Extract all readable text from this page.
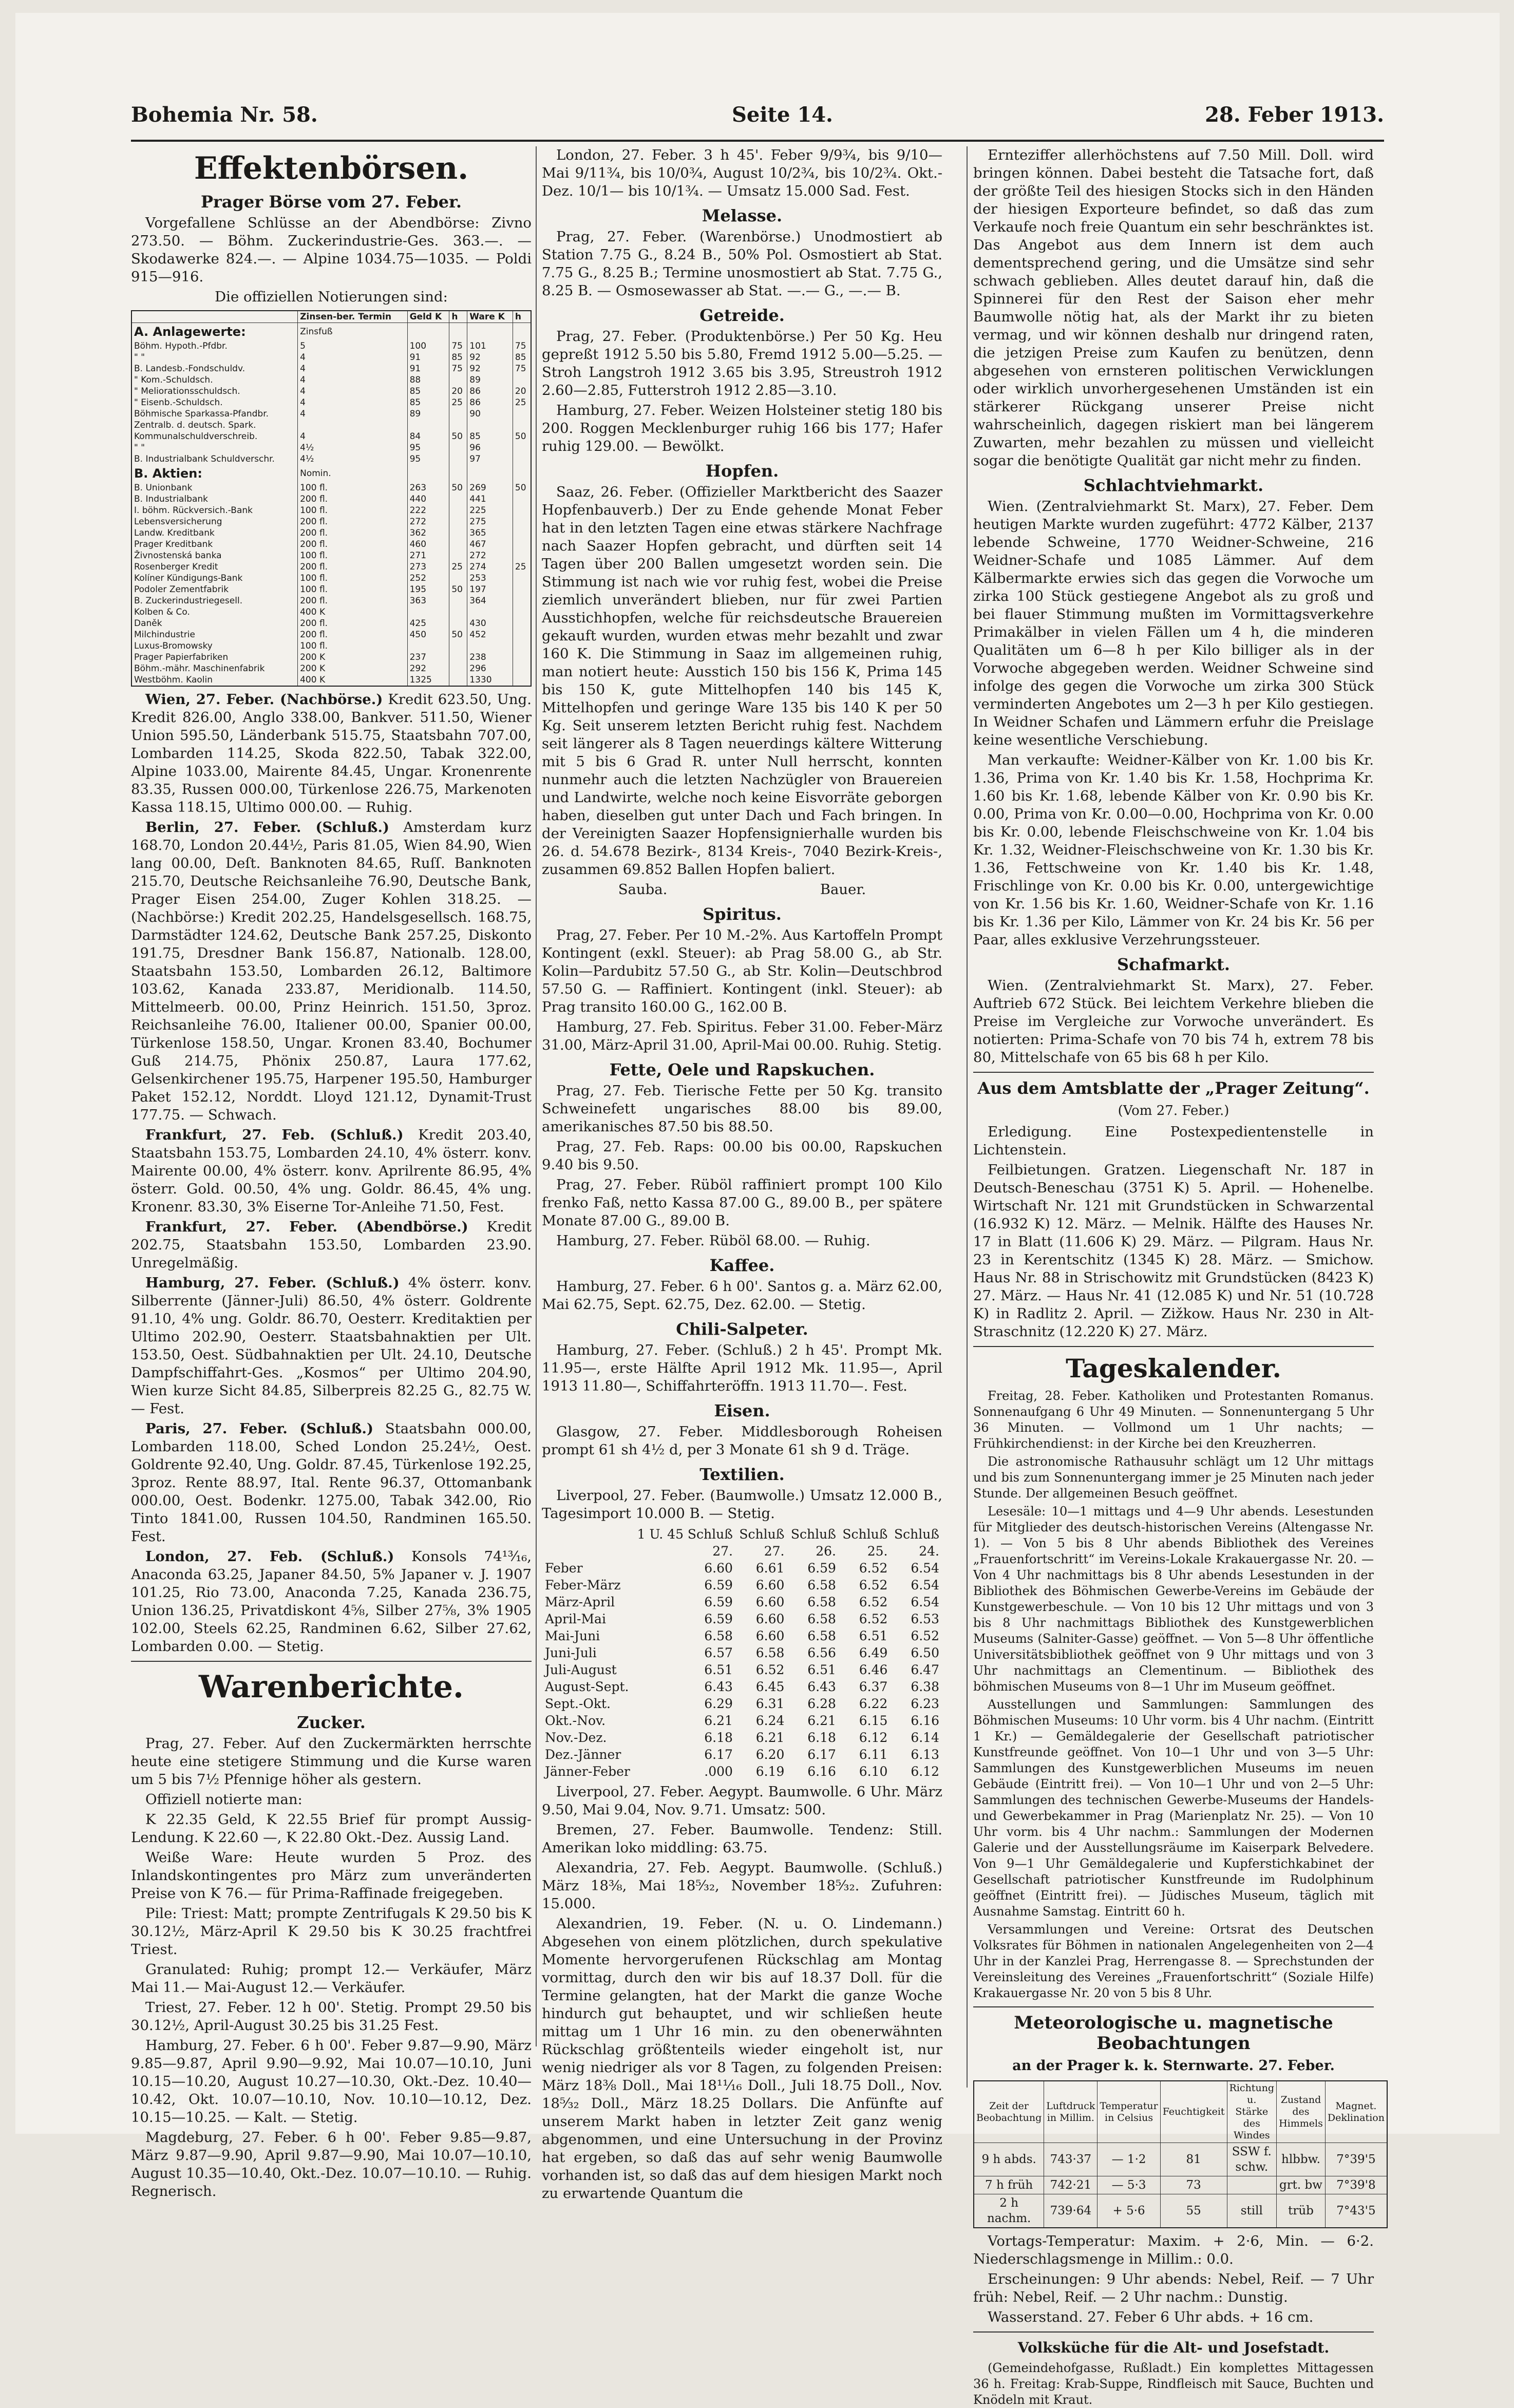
Bohemia Nr. 58.	Seite 14.	28. Feber 1913.
Effektenbörsen.
Prager Börse vom 27. Feber.

Vorgefallene Schlüsse an der Abendbörse: Zivno 273.50. — Böhm. Zuckerindustrie-Ges. 363.—. — Skodawerke 824.—. — Alpine 1034.75—1035. — Poldi 915—916.

Die offiziellen Notierungen sind:

	Zinsen-ber. Termin	Geld K	h	Ware K	h
A. Anlagewerte:	Zinsfuß				
Böhm. Hypoth.-Pfdbr.	5	100	75	101	75
" "	4	91	85	92	85
B. Landesb.-Fondschuldv.	4	91	75	92	75
" Kom.-Schuldsch.	4	88		89	
" Meliorationsschuldsch.	4	85	20	86	20
" Eisenb.-Schuldsch.	4	85	25	86	25
Böhmische Sparkassa-Pfandbr.	4	89		90	
Zentralb. d. deutsch. Spark.					
Kommunalschuldverschreib.	4	84	50	85	50
" "	4½	95		96	
B. Industrialbank Schuldverschr.	4½	95		97	
B. Aktien:	Nomin.				
B. Unionbank	100 fl.	263	50	269	50
B. Industrialbank	200 fl.	440		441	
I. böhm. Rückversich.-Bank	100 fl.	222		225	
Lebensversicherung	200 fl.	272		275	
Landw. Kreditbank	200 fl.	362		365	
Prager Kreditbank	200 fl.	460		467	
Živnostenská banka	100 fl.	271		272	
Rosenberger Kredit	200 fl.	273	25	274	25
Kolíner Kündigungs-Bank	100 fl.	252		253	
Podoler Zementfabrik	100 fl.	195	50	197	
B. Zuckerindustriegesell.	200 fl.	363		364	
Kolben & Co.	400 K				
Daněk	200 fl.	425		430	
Milchindustrie	200 fl.	450	50	452	
Luxus-Bromowsky	100 fl.				
Prager Papierfabriken	200 K	237		238	
Böhm.-mähr. Maschinenfabrik	200 K	292		296	
Westböhm. Kaolin	400 K	1325		1330	

Wien, 27. Feber. (Nachbörse.) Kredit 623.50, Ung. Kredit 826.00, Anglo 338.00, Bankver. 511.50, Wiener Union 595.50, Länderbank 515.75, Staatsbahn 707.00, Lombarden 114.25, Skoda 822.50, Tabak 322.00, Alpine 1033.00, Mairente 84.45, Ungar. Kronenrente 83.35, Russen 000.00, Türkenlose 226.75, Markenoten Kassa 118.15, Ultimo 000.00. — Ruhig.

Berlin, 27. Feber. (Schluß.) Amsterdam kurz 168.70, London 20.44½, Paris 81.05, Wien 84.90, Wien lang 00.00, Deſt. Banknoten 84.65, Ruſſ. Banknoten 215.70, Deutsche Reichsanleihe 76.90, Deutsche Bank, Prager Eisen 254.00, Zuger Kohlen 318.25. — (Nachbörse:) Kredit 202.25, Handelsgesellsch. 168.75, Darmstädter 124.62, Deutsche Bank 257.25, Diskonto 191.75, Dresdner Bank 156.87, Nationalb. 128.00, Staatsbahn 153.50, Lombarden 26.12, Baltimore 103.62, Kanada 233.87, Meridionalb. 114.50, Mittelmeerb. 00.00, Prinz Heinrich. 151.50, 3proz. Reichsanleihe 76.00, Italiener 00.00, Spanier 00.00, Türkenlose 158.50, Ungar. Kronen 83.40, Bochumer Guß 214.75, Phönix 250.87, Laura 177.62, Gelsenkirchener 195.75, Harpener 195.50, Hamburger Paket 152.12, Norddt. Lloyd 121.12, Dynamit-Trust 177.75. — Schwach.

Frankfurt, 27. Feb. (Schluß.) Kredit 203.40, Staatsbahn 153.75, Lombarden 24.10, 4% österr. konv. Mairente 00.00, 4% österr. konv. Aprilrente 86.95, 4% österr. Gold. 00.50, 4% ung. Goldr. 86.45, 4% ung. Kronenr. 83.30, 3% Eiserne Tor-Anleihe 71.50, Fest.

Frankfurt, 27. Feber. (Abendbörse.) Kredit 202.75, Staatsbahn 153.50, Lombarden 23.90. Unregelmäßig.

Hamburg, 27. Feber. (Schluß.) 4% österr. konv. Silberrente (Jänner-Juli) 86.50, 4% österr. Goldrente 91.10, 4% ung. Goldr. 86.70, Oesterr. Kreditaktien per Ultimo 202.90, Oesterr. Staatsbahnaktien per Ult. 153.50, Oest. Südbahnaktien per Ult. 24.10, Deutsche Dampfschiffahrt-Ges. „Kosmos“ per Ultimo 204.90, Wien kurze Sicht 84.85, Silberpreis 82.25 G., 82.75 W. — Fest.

Paris, 27. Feber. (Schluß.) Staatsbahn 000.00, Lombarden 118.00, Sched London 25.24½, Oest. Goldrente 92.40, Ung. Goldr. 87.45, Türkenlose 192.25, 3proz. Rente 88.97, Ital. Rente 96.37, Ottomanbank 000.00, Oest. Bodenkr. 1275.00, Tabak 342.00, Rio Tinto 1841.00, Russen 104.50, Randminen 165.50. Fest.

London, 27. Feb. (Schluß.) Konsols 74¹³⁄₁₆, Anaconda 63.25, Japaner 84.50, 5% Japaner v. J. 1907 101.25, Rio 73.00, Anaconda 7.25, Kanada 236.75, Union 136.25, Privatdiskont 4⅝, Silber 27⅝, 3% 1905 102.00, Steels 62.25, Randminen 6.62, Silber 27.62, Lombarden 0.00. — Stetig.

Warenberichte.
Zucker.

Prag, 27. Feber. Auf den Zuckermärkten herrschte heute eine stetigere Stimmung und die Kurse waren um 5 bis 7½ Pfennige höher als gestern.

Offiziell notierte man:

K 22.35 Geld, K 22.55 Brief für prompt Aussig-Lendung. K 22.60 —, K 22.80 Okt.-Dez. Aussig Land.

Weiße Ware: Heute wurden 5 Proz. des Inlandskontingentes pro März zum unveränderten Preise von K 76.— für Prima-Raffinade freigegeben.

Pile: Triest: Matt; prompte Zentrifugals K 29.50 bis K 30.12½, März-April K 29.50 bis K 30.25 frachtfrei Triest.

Granulated: Ruhig; prompt 12.— Verkäufer, März Mai 11.— Mai-August 12.— Verkäufer.

Triest, 27. Feber. 12 h 00'. Stetig. Prompt 29.50 bis 30.12½, April-August 30.25 bis 31.25 Fest.

Hamburg, 27. Feber. 6 h 00'. Feber 9.87—9.90, März 9.85—9.87, April 9.90—9.92, Mai 10.07—10.10, Juni 10.15—10.20, August 10.27—10.30, Okt.-Dez. 10.40—10.42, Okt. 10.07—10.10, Nov. 10.10—10.12, Dez. 10.15—10.25. — Kalt. — Stetig.

Magdeburg, 27. Feber. 6 h 00'. Feber 9.85—9.87, März 9.87—9.90, April 9.87—9.90, Mai 10.07—10.10, August 10.35—10.40, Okt.-Dez. 10.07—10.10. — Ruhig. Regnerisch.

London, 27. Feber. 3 h 45'. Feber 9/9¾, bis 9/10— Mai 9/11¾, bis 10/0¾, August 10/2¾, bis 10/2¾. Okt.-Dez. 10/1— bis 10/1¾. — Umsatz 15.000 Sad. Fest.

Melasse.

Prag, 27. Feber. (Warenbörse.) Unodmostiert ab Station 7.75 G., 8.24 B., 50% Pol. Osmostiert ab Stat. 7.75 G., 8.25 B.; Termine unosmostiert ab Stat. 7.75 G., 8.25 B. — Osmosewasser ab Stat. —.— G., —.— B.

Getreide.

Prag, 27. Feber. (Produktenbörse.) Per 50 Kg. Heu gepreßt 1912 5.50 bis 5.80, Fremd 1912 5.00—5.25. — Stroh Langstroh 1912 3.65 bis 3.95, Streustroh 1912 2.60—2.85, Futterstroh 1912 2.85—3.10.

Hamburg, 27. Feber. Weizen Holsteiner stetig 180 bis 200. Roggen Mecklenburger ruhig 166 bis 177; Hafer ruhig 129.00. — Bewölkt.

Hopfen.

Saaz, 26. Feber. (Offizieller Marktbericht des Saazer Hopfenbauverb.) Der zu Ende gehende Monat Feber hat in den letzten Tagen eine etwas stärkere Nachfrage nach Saazer Hopfen gebracht, und dürften seit 14 Tagen über 200 Ballen umgesetzt worden sein. Die Stimmung ist nach wie vor ruhig fest, wobei die Preise ziemlich unverändert blieben, nur für zwei Partien Ausstichhopfen, welche für reichsdeutsche Brauereien gekauft wurden, wurden etwas mehr bezahlt und zwar 160 K. Die Stimmung in Saaz im allgemeinen ruhig, man notiert heute: Ausstich 150 bis 156 K, Prima 145 bis 150 K, gute Mittelhopfen 140 bis 145 K, Mittelhopfen und geringe Ware 135 bis 140 K per 50 Kg. Seit unserem letzten Bericht ruhig fest. Nachdem seit längerer als 8 Tagen neuerdings kältere Witterung mit 5 bis 6 Grad R. unter Null herrscht, konnten nunmehr auch die letzten Nachzügler von Brauereien und Landwirte, welche noch keine Eisvorräte geborgen haben, dieselben gut unter Dach und Fach bringen. In der Vereinigten Saazer Hopfensignierhalle wurden bis 26. d. 54.678 Bezirk-, 8134 Kreis-, 7040 Bezirk-Kreis-, zusammen 69.852 Ballen Hopfen baliert.

Sauba.	Bauer.
Spiritus.

Prag, 27. Feber. Per 10 M.-2%. Aus Kartoffeln Prompt Kontingent (exkl. Steuer): ab Prag 58.00 G., ab Str. Kolin—Pardubitz 57.50 G., ab Str. Kolin—Deutschbrod 57.50 G. — Raffiniert. Kontingent (inkl. Steuer): ab Prag transito 160.00 G., 162.00 B.

Hamburg, 27. Feb. Spiritus. Feber 31.00. Feber-März 31.00, März-April 31.00, April-Mai 00.00. Ruhig. Stetig.

Fette, Oele und Rapskuchen.

Prag, 27. Feb. Tierische Fette per 50 Kg. transito Schweinefett ungarisches 88.00 bis 89.00, amerikanisches 87.50 bis 88.50.

Prag, 27. Feb. Raps: 00.00 bis 00.00, Rapskuchen 9.40 bis 9.50.

Prag, 27. Feber. Rüböl raffiniert prompt 100 Kilo frenko Faß, netto Kassa 87.00 G., 89.00 B., per spätere Monate 87.00 G., 89.00 B.

Hamburg, 27. Feber. Rüböl 68.00. — Ruhig.

Kaffee.

Hamburg, 27. Feber. 6 h 00'. Santos g. a. März 62.00, Mai 62.75, Sept. 62.75, Dez. 62.00. — Stetig.

Chili-Salpeter.

Hamburg, 27. Feber. (Schluß.) 2 h 45'. Prompt Mk. 11.95—, erste Hälfte April 1912 Mk. 11.95—, April 1913 11.80—, Schiffahrteröffn. 1913 11.70—. Fest.

Eisen.

Glasgow, 27. Feber. Middlesborough Roheisen prompt 61 sh 4½ d, per 3 Monate 61 sh 9 d. Träge.

Textilien.

Liverpool, 27. Feber. (Baumwolle.) Umsatz 12.000 B., Tagesimport 10.000 B. — Stetig.

	1 U. 45 Schluß	Schluß	Schluß	Schluß	Schluß
	27.	27.	26.	25.	24.
Feber	6.60	6.61	6.59	6.52	6.54
Feber-März	6.59	6.60	6.58	6.52	6.54
März-April	6.59	6.60	6.58	6.52	6.54
April-Mai	6.59	6.60	6.58	6.52	6.53
Mai-Juni	6.58	6.60	6.58	6.51	6.52
Juni-Juli	6.57	6.58	6.56	6.49	6.50
Juli-August	6.51	6.52	6.51	6.46	6.47
August-Sept.	6.43	6.45	6.43	6.37	6.38
Sept.-Okt.	6.29	6.31	6.28	6.22	6.23
Okt.-Nov.	6.21	6.24	6.21	6.15	6.16
Nov.-Dez.	6.18	6.21	6.18	6.12	6.14
Dez.-Jänner	6.17	6.20	6.17	6.11	6.13
Jänner-Feber	.000	6.19	6.16	6.10	6.12

Liverpool, 27. Feber. Aegypt. Baumwolle. 6 Uhr. März 9.50, Mai 9.04, Nov. 9.71. Umsatz: 500.

Bremen, 27. Feber. Baumwolle. Tendenz: Still. Amerikan loko middling: 63.75.

Alexandria, 27. Feb. Aegypt. Baumwolle. (Schluß.) März 18⅜, Mai 18⁵⁄₃₂, November 18⁵⁄₃₂. Zufuhren: 15.000.

Alexandrien, 19. Feber. (N. u. O. Lindemann.) Abgesehen von einem plötzlichen, durch spekulative Momente hervorgerufenen Rückschlag am Montag vormittag, durch den wir bis auf 18.37 Doll. für die Termine gelangten, hat der Markt die ganze Woche hindurch gut behauptet, und wir schließen heute mittag um 1 Uhr 16 min. zu den obenerwähnten Rückschlag größtenteils wieder eingeholt ist, nur wenig niedriger als vor 8 Tagen, zu folgenden Preisen: März 18⅜ Doll., Mai 18¹¹⁄₁₆ Doll., Juli 18.75 Doll., Nov. 18⁵⁄₃₂ Doll., März 18.25 Dollars. Die Anfünfte auf unserem Markt haben in letzter Zeit ganz wenig abgenommen, und eine Untersuchung in der Provinz hat ergeben, so daß das auf sehr wenig Baumwolle vorhanden ist, so daß das auf dem hiesigen Markt noch zu erwartende Quantum die

Ernteziffer allerhöchstens auf 7.50 Mill. Doll. wird bringen können. Dabei besteht die Tatsache fort, daß der größte Teil des hiesigen Stocks sich in den Händen der hiesigen Exporteure befindet, so daß das zum Verkaufe noch freie Quantum ein sehr beschränktes ist. Das Angebot aus dem Innern ist dem auch dementsprechend gering, und die Umsätze sind sehr schwach geblieben. Alles deutet darauf hin, daß die Spinnerei für den Rest der Saison eher mehr Baumwolle nötig hat, als der Markt ihr zu bieten vermag, und wir können deshalb nur dringend raten, die jetzigen Preise zum Kaufen zu benützen, denn abgesehen von ernsteren politischen Verwicklungen oder wirklich unvorhergesehenen Umständen ist ein stärkerer Rückgang unserer Preise nicht wahrscheinlich, dagegen riskiert man bei längerem Zuwarten, mehr bezahlen zu müssen und vielleicht sogar die benötigte Qualität gar nicht mehr zu finden.

Schlachtviehmarkt.

Wien. (Zentralviehmarkt St. Marx), 27. Feber. Dem heutigen Markte wurden zugeführt: 4772 Kälber, 2137 lebende Schweine, 1770 Weidner-Schweine, 216 Weidner-Schafe und 1085 Lämmer. Auf dem Kälbermarkte erwies sich das gegen die Vorwoche um zirka 100 Stück gestiegene Angebot als zu groß und bei flauer Stimmung mußten im Vormittagsverkehre Primakälber in vielen Fällen um 4 h, die minderen Qualitäten um 6—8 h per Kilo billiger als in der Vorwoche abgegeben werden. Weidner Schweine sind infolge des gegen die Vorwoche um zirka 300 Stück verminderten Angebotes um 2—3 h per Kilo gestiegen. In Weidner Schafen und Lämmern erfuhr die Preislage keine wesentliche Verschiebung.

Man verkaufte: Weidner-Kälber von Kr. 1.00 bis Kr. 1.36, Prima von Kr. 1.40 bis Kr. 1.58, Hochprima Kr. 1.60 bis Kr. 1.68, lebende Kälber von Kr. 0.90 bis Kr. 0.00, Prima von Kr. 0.00—0.00, Hochprima von Kr. 0.00 bis Kr. 0.00, lebende Fleischschweine von Kr. 1.04 bis Kr. 1.32, Weidner-Fleischschweine von Kr. 1.30 bis Kr. 1.36, Fettschweine von Kr. 1.40 bis Kr. 1.48, Frischlinge von Kr. 0.00 bis Kr. 0.00, untergewichtige von Kr. 1.56 bis Kr. 1.60, Weidner-Schafe von Kr. 1.16 bis Kr. 1.36 per Kilo, Lämmer von Kr. 24 bis Kr. 56 per Paar, alles exklusive Verzehrungssteuer.

Schafmarkt.

Wien. (Zentralviehmarkt St. Marx), 27. Feber. Auftrieb 672 Stück. Bei leichtem Verkehre blieben die Preise im Vergleiche zur Vorwoche unverändert. Es notierten: Prima-Schafe von 70 bis 74 h, extrem 78 bis 80, Mittelschafe von 65 bis 68 h per Kilo.

Aus dem Amtsblatte der „Prager Zeitung“.
(Vom 27. Feber.)

Erledigung. Eine Postexpedientenstelle in Lichtenstein.

Feilbietungen. Gratzen. Liegenschaft Nr. 187 in Deutsch-Beneschau (3751 K) 5. April. — Hohenelbe. Wirtschaft Nr. 121 mit Grundstücken in Schwarzental (16.932 K) 12. März. — Melnik. Hälfte des Hauses Nr. 17 in Blatt (11.606 K) 29. März. — Pilgram. Haus Nr. 23 in Kerentschitz (1345 K) 28. März. — Smichow. Haus Nr. 88 in Strischowitz mit Grundstücken (8423 K) 27. März. — Haus Nr. 41 (12.085 K) und Nr. 51 (10.728 K) in Radlitz 2. April. — Zižkow. Haus Nr. 230 in Alt-Straschnitz (12.220 K) 27. März.

Tageskalender.

Freitag, 28. Feber. Katholiken und Protestanten Romanus. Sonnenaufgang 6 Uhr 49 Minuten. — Sonnenuntergang 5 Uhr 36 Minuten. — Vollmond um 1 Uhr nachts; — Frühkirchendienst: in der Kirche bei den Kreuzherren.

Die astronomische Rathausuhr schlägt um 12 Uhr mittags und bis zum Sonnenuntergang immer je 25 Minuten nach jeder Stunde. Der allgemeinen Besuch geöffnet.

Lesesäle: 10—1 mittags und 4—9 Uhr abends. Lesestunden für Mitglieder des deutsch-historischen Vereins (Altengasse Nr. 1). — Von 5 bis 8 Uhr abends Bibliothek des Vereines „Frauenfortschritt“ im Vereins-Lokale Krakauergasse Nr. 20. — Von 4 Uhr nachmittags bis 8 Uhr abends Lesestunden in der Bibliothek des Böhmischen Gewerbe-Vereins im Gebäude der Kunstgewerbeschule. — Von 10 bis 12 Uhr mittags und von 3 bis 8 Uhr nachmittags Bibliothek des Kunstgewerblichen Museums (Salniter-Gasse) geöffnet. — Von 5—8 Uhr öffentliche Universitätsbibliothek geöffnet von 9 Uhr mittags und von 3 Uhr nachmittags an Clementinum. — Bibliothek des böhmischen Museums von 8—1 Uhr im Museum geöffnet.

Ausstellungen und Sammlungen: Sammlungen des Böhmischen Museums: 10 Uhr vorm. bis 4 Uhr nachm. (Eintritt 1 Kr.) — Gemäldegalerie der Gesellschaft patriotischer Kunstfreunde geöffnet. Von 10—1 Uhr und von 3—5 Uhr: Sammlungen des Kunstgewerblichen Museums im neuen Gebäude (Eintritt frei). — Von 10—1 Uhr und von 2—5 Uhr: Sammlungen des technischen Gewerbe-Museums der Handels- und Gewerbekammer in Prag (Marienplatz Nr. 25). — Von 10 Uhr vorm. bis 4 Uhr nachm.: Sammlungen der Modernen Galerie und der Ausstellungsräume im Kaiserpark Belvedere. Von 9—1 Uhr Gemäldegalerie und Kupferstichkabinet der Gesellschaft patriotischer Kunstfreunde im Rudolphinum geöffnet (Eintritt frei). — Jüdisches Museum, täglich mit Ausnahme Samstag. Eintritt 60 h.

Versammlungen und Vereine: Ortsrat des Deutschen Volksrates für Böhmen in nationalen Angelegenheiten von 2—4 Uhr in der Kanzlei Prag, Herrengasse 8. — Sprechstunden der Vereinsleitung des Vereines „Frauenfortschritt“ (Soziale Hilfe) Krakauergasse Nr. 20 von 5 bis 8 Uhr.

Meteorologische u. magnetische Beobachtungen
an der Prager k. k. Sternwarte. 27. Feber.
Zeit der Beobachtung	Luftdruck in Millim.	Temperatur in Celsius	Feuchtigkeit	Richtung u. Stärke des Windes	Zustand des Himmels	Magnet. Deklination
9 h abds.	743·37	— 1·2	81	SSW f. schw.	hlbbw.	7°39'5
7 h früh	742·21	— 5·3	73		grt. bw	7°39'8
2 h nachm.	739·64	+ 5·6	55	still	trüb	7°43'5

Vortags-Temperatur: Maxim. + 2·6, Min. — 6·2. Niederschlagsmenge in Millim.: 0.0.

Erscheinungen: 9 Uhr abends: Nebel, Reif. — 7 Uhr früh: Nebel, Reif. — 2 Uhr nachm.: Dunstig.

Wasserstand. 27. Feber 6 Uhr abds. + 16 cm.

Volksküche für die Alt- und Josefstadt.

(Gemeindehofgasse, Rußladt.) Ein komplettes Mittagessen 36 h. Freitag: Krab-Suppe, Rindfleisch mit Sauce, Buchten und Knödeln mit Kraut.
